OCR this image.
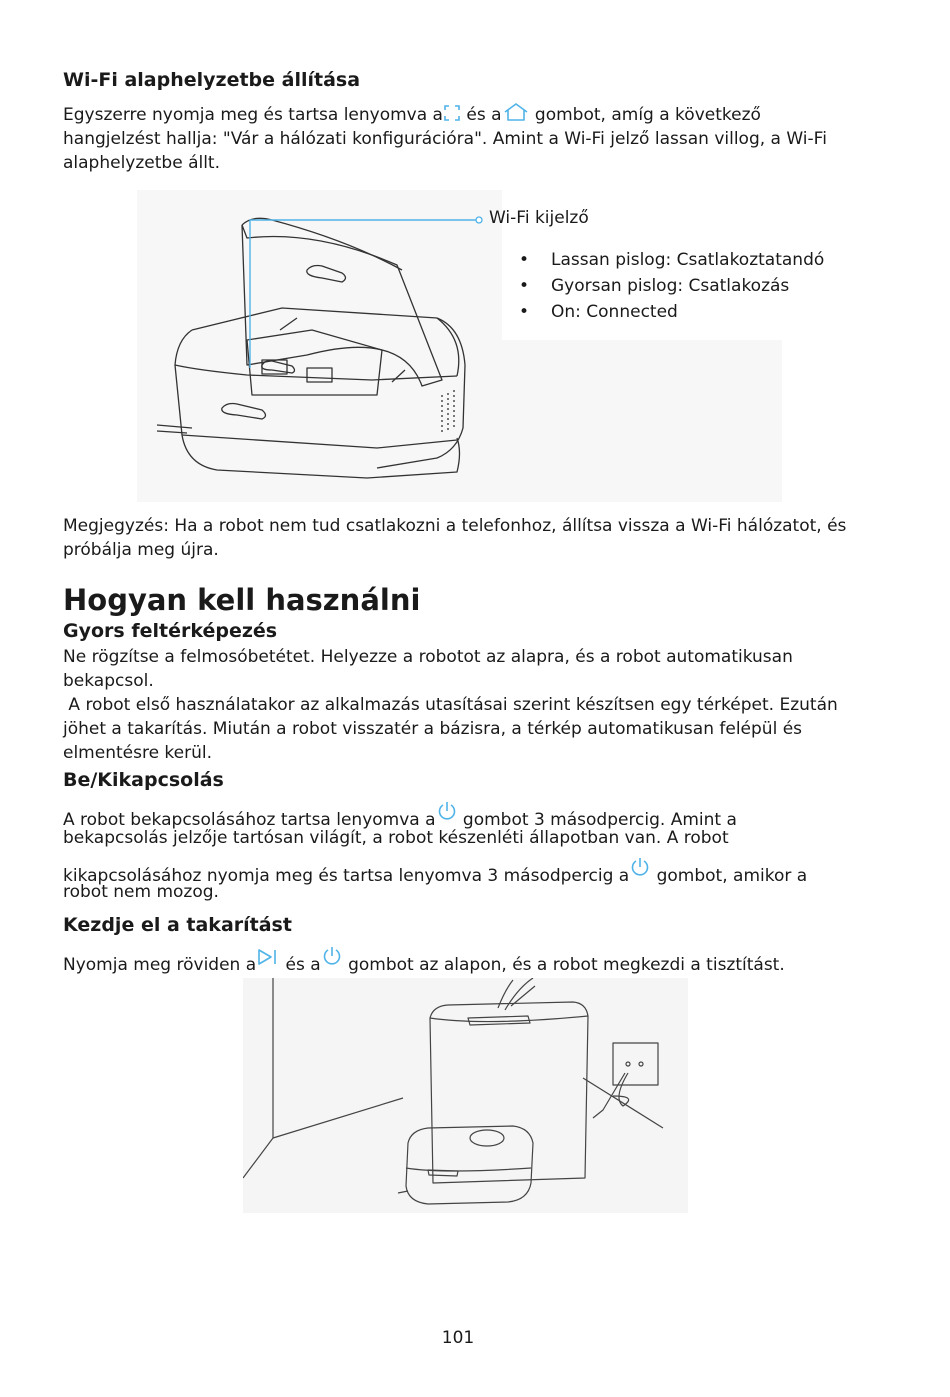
Wi-Fi alaphelyzetbe állítása

Egyszerre nyomja meg és tartsa lenyomva a
és a
gombot, amíg a következő hangjelzést hallja: "Vár a hálózati konfigurációra". Amint a Wi-Fi jelző lassan villog, a Wi-Fi alaphelyzetbe állt.

Wi-Fi kijelző
• Lassan pislog: Csatlakoztatandó
• Gyorsan pislog: Csatlakozás
• On: Connected

Megjegyzés: Ha a robot nem tud csatlakozni a telefonhoz, állítsa vissza a Wi-Fi hálózatot, és próbálja meg újra.

Hogyan kell használni
Gyors feltérképezés

Ne rögzítse a felmosóbetétet. Helyezze a robotot az alapra, és a robot automatikusan bekapcsol.

A robot első használatakor az alkalmazás utasításai szerint készítsen egy térképet. Ezután jöhet a takarítás. Miután a robot visszatér a bázisra, a térkép automatikusan felépül és elmentésre kerül.

Be/Kikapcsolás
A robot bekapcsolásához tartsa lenyomva a
gombot 3 másodpercig. Amint a
bekapcsolás jelzője tartósan világít, a robot készenléti állapotban van. A robot
kikapcsolásához nyomja meg és tartsa lenyomva 3 másodpercig a
gombot, amikor a
robot nem mozog.
Kezdje el a takarítást

Nyomja meg röviden a
és a
gombot az alapon, és a robot megkezdi a tisztítást.

101
